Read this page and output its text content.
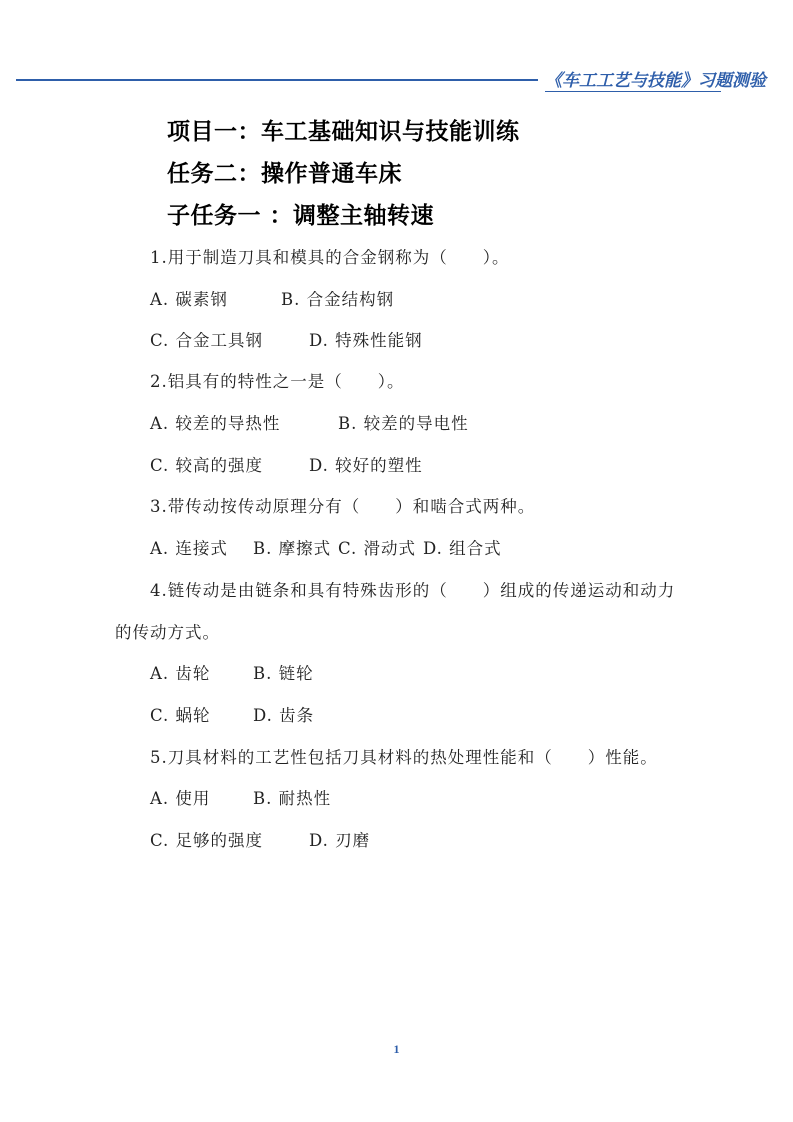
《车工工艺与技能》习题测验
项目一：车工基础知识与技能训练
任务二：操作普通车床
子任务一 ：调整主轴转速
1.用于制造刀具和模具的合金钢称为（　　）。
A. 碳素钢	B. 合金结构钢
C. 合金工具钢	D. 特殊性能钢
2.铝具有的特性之一是（　　）。
A. 较差的导热性	B. 较差的导电性
C. 较高的强度	D. 较好的塑性
3.带传动按传动原理分有（　　）和啮合式两种。
A. 连接式 B. 摩擦式 C. 滑动式 D. 组合式
4.链传动是由链条和具有特殊齿形的（　　）组成的传递运动和动力
的传动方式。
A. 齿轮	B. 链轮
C. 蜗轮	D. 齿条
5.刀具材料的工艺性包括刀具材料的热处理性能和（　　）性能。
A. 使用	B. 耐热性
C. 足够的强度	D. 刃磨
1
